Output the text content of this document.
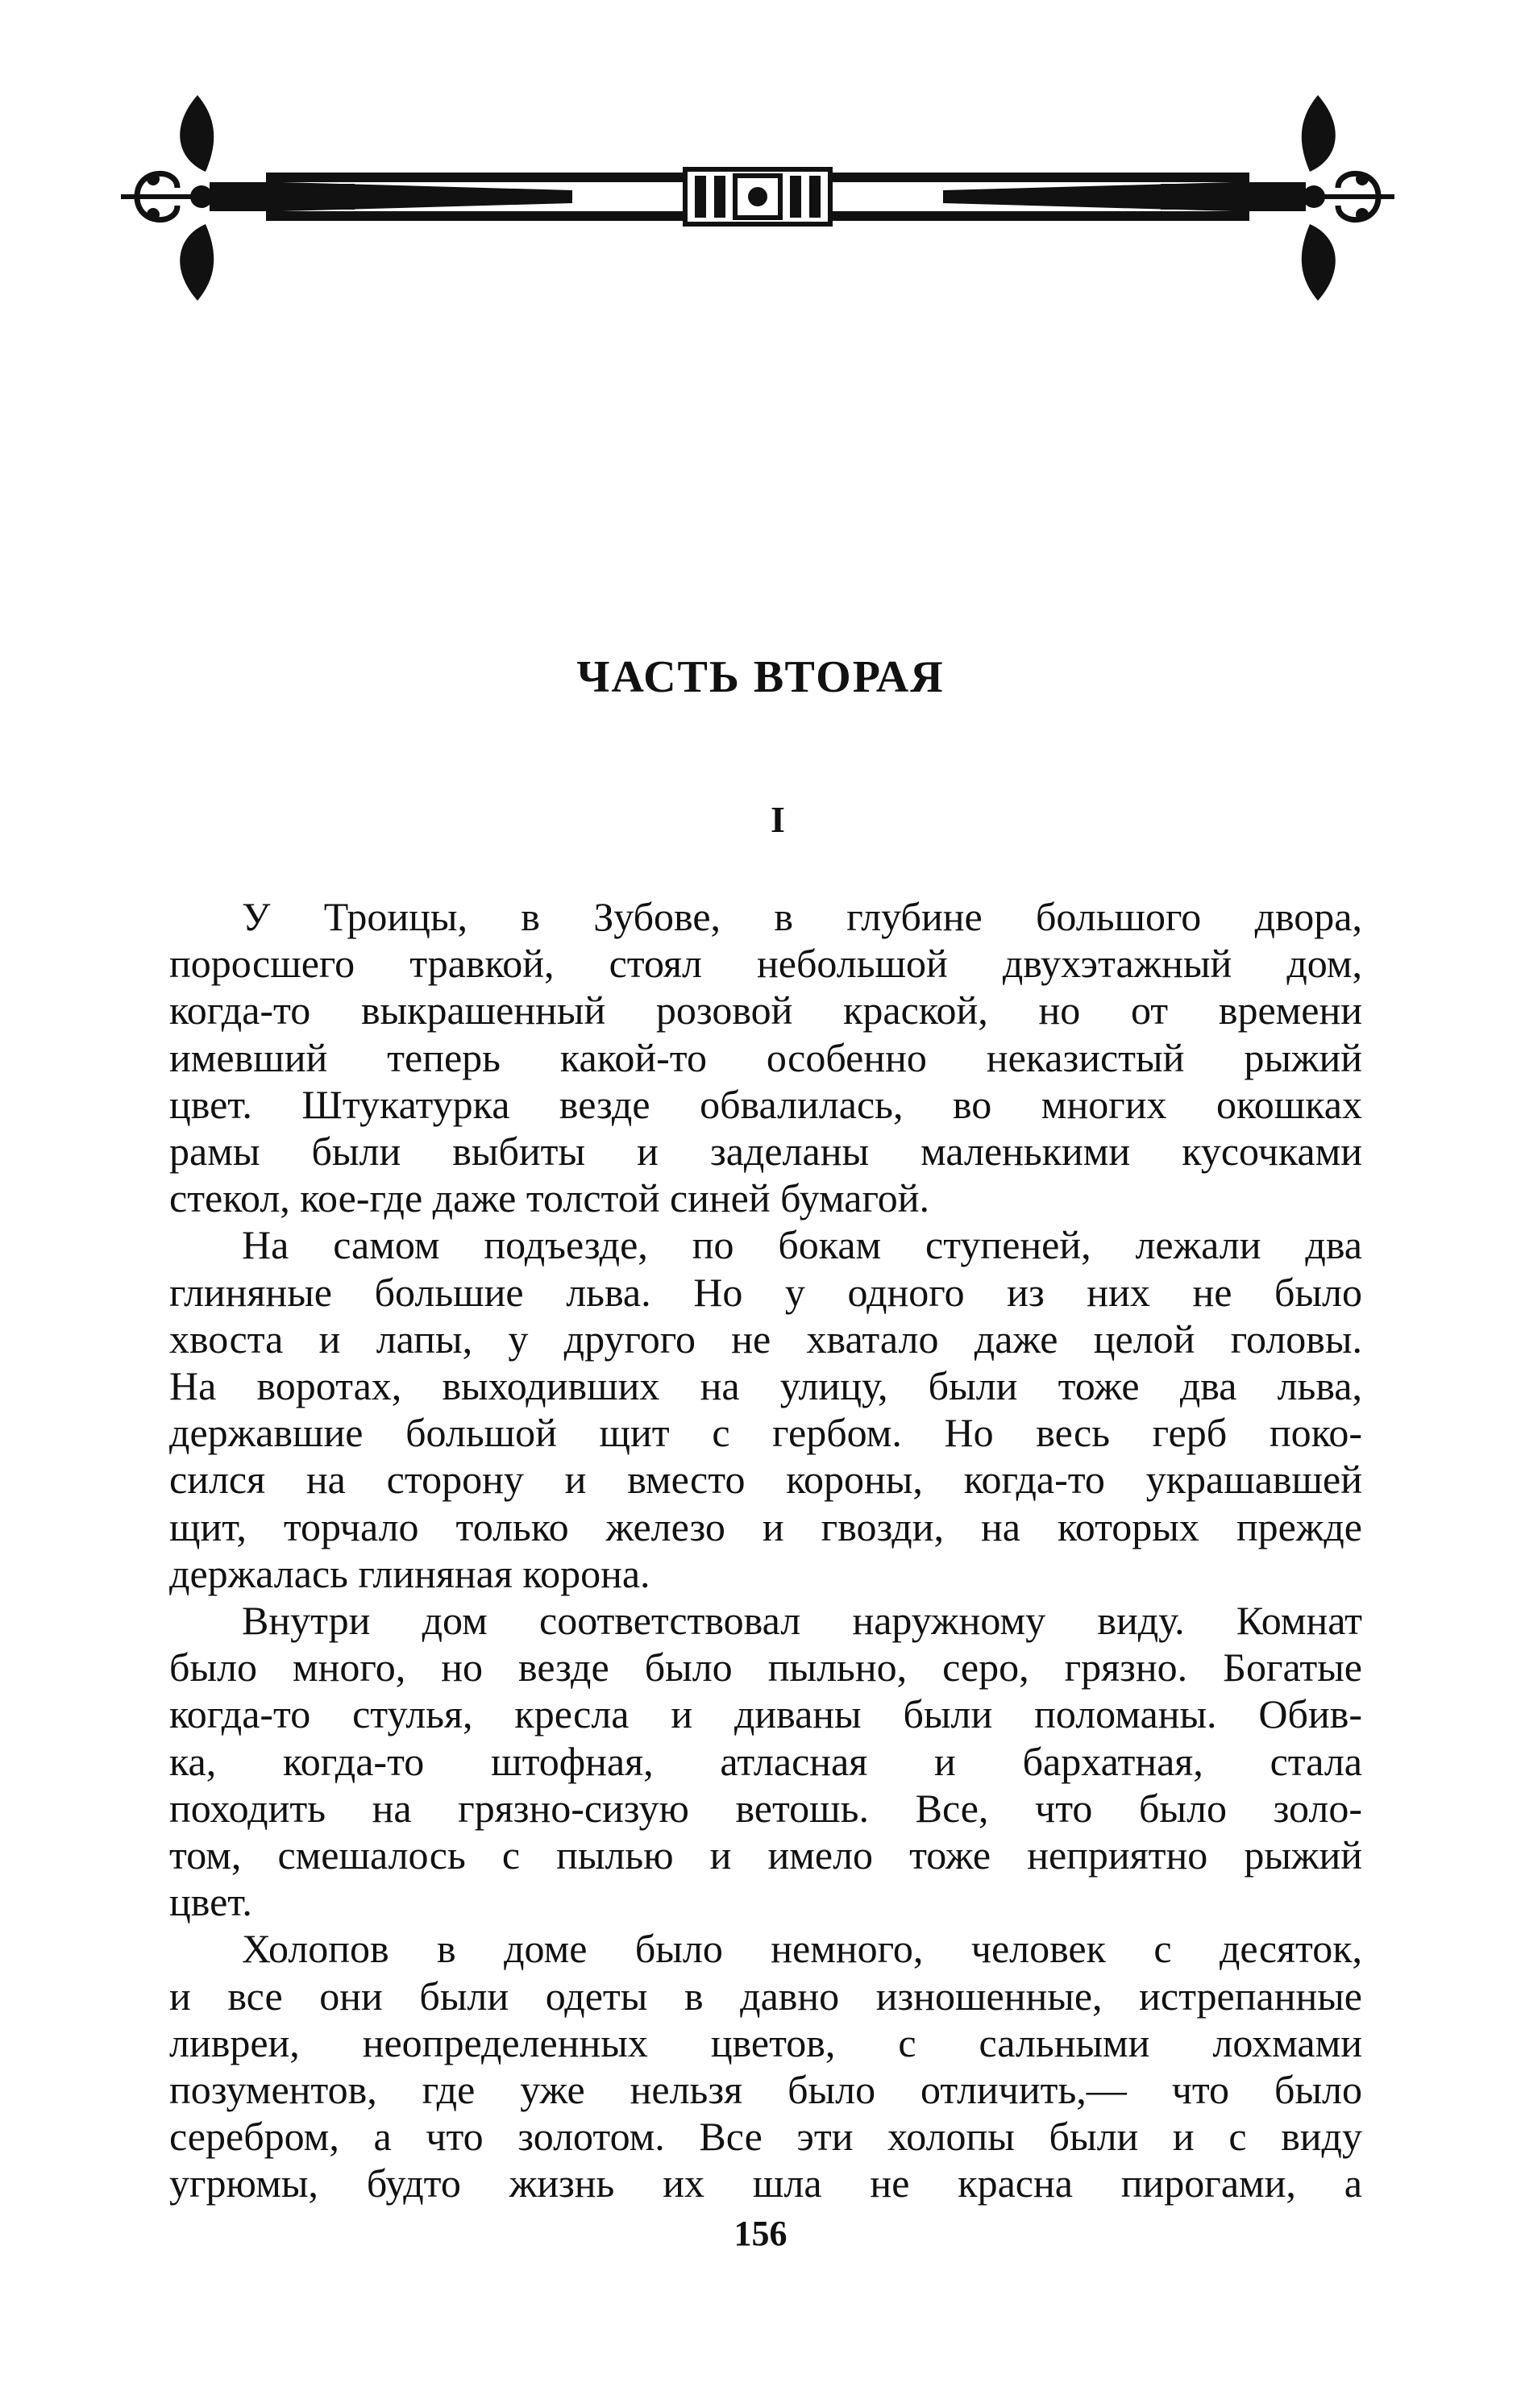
ЧАСТЬ ВТОРАЯ
I

У Троицы, в Зубове, в глубине большого двора,
поросшего травкой, стоял небольшой двухэтажный дом,
когда-то выкрашенный розовой краской, но от времени
имевший теперь какой-то особенно неказистый рыжий
цвет. Штукатурка везде обвалилась, во многих окошках
рамы были выбиты и заделаны маленькими кусочками
стекол, кое-где даже толстой синей бумагой.

На самом подъезде, по бокам ступеней, лежали два
глиняные большие льва. Но у одного из них не было
хвоста и лапы, у другого не хватало даже целой головы.
На воротах, выходивших на улицу, были тоже два льва,
державшие большой щит с гербом. Но весь герб поко-
сился на сторону и вместо короны, когда-то украшавшей
щит, торчало только железо и гвозди, на которых прежде
держалась глиняная корона.

Внутри дом соответствовал наружному виду. Комнат
было много, но везде было пыльно, серо, грязно. Богатые
когда-то стулья, кресла и диваны были поломаны. Обив-
ка, когда-то штофная, атласная и бархатная, стала
походить на грязно-сизую ветошь. Все, что было золо-
том, смешалось с пылью и имело тоже неприятно рыжий
цвет.

Холопов в доме было немного, человек с десяток,
и все они были одеты в давно изношенные, истрепанные
ливреи, неопределенных цветов, с сальными лохмами
позументов, где уже нельзя было отличить,— что было
серебром, а что золотом. Все эти холопы были и с виду
угрюмы, будто жизнь их шла не красна пирогами, а

156
